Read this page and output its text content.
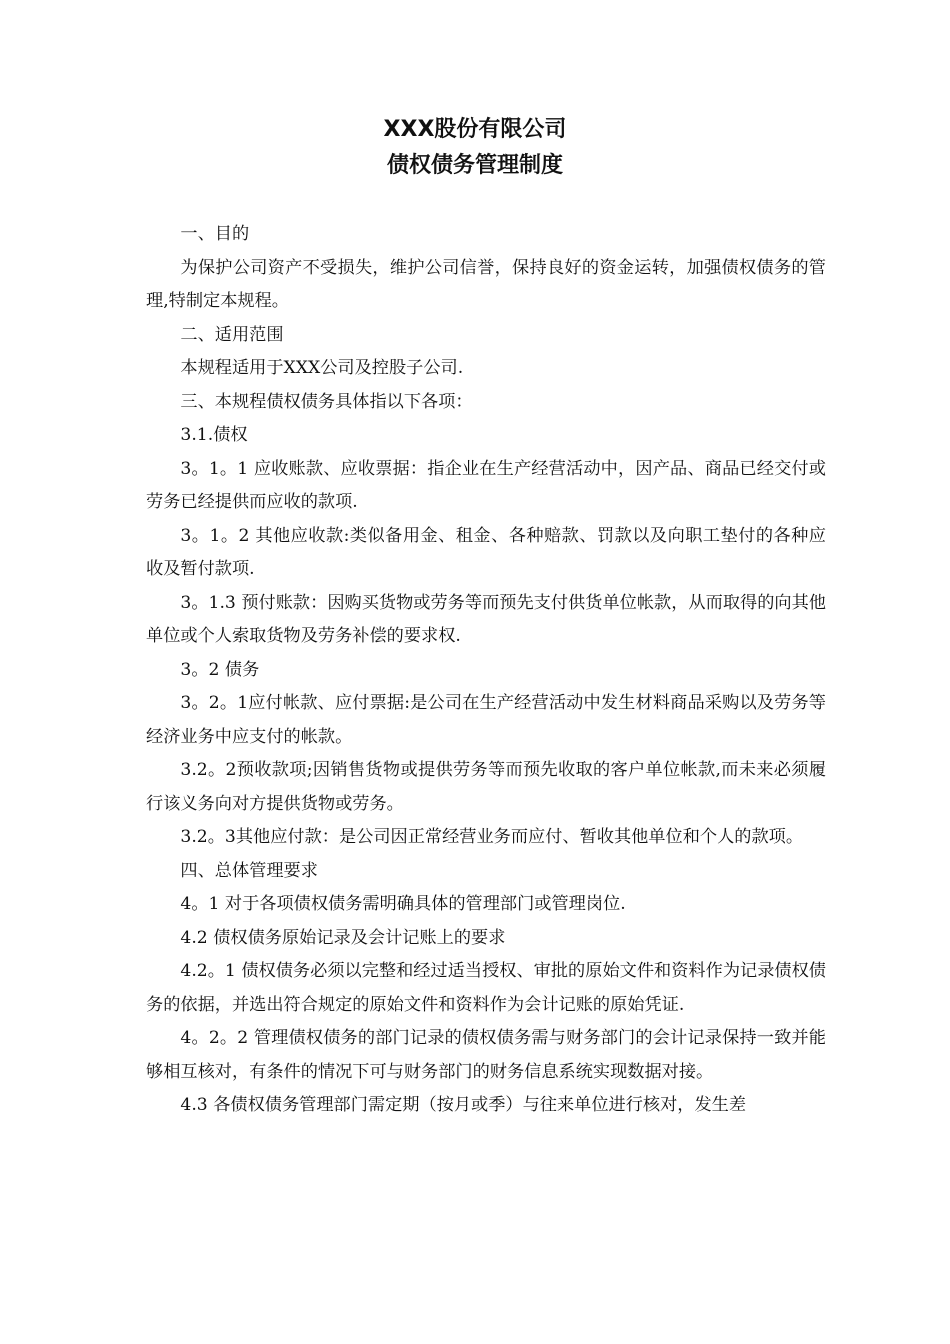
XXX股份有限公司
债权债务管理制度

一、目的

为保护公司资产不受损失，维护公司信誉，保持良好的资金运转，加强债权债务的管理,特制定本规程。

二、适用范围

本规程适用于XXX公司及控股子公司.

三、本规程债权债务具体指以下各项：

3.1.债权

3。1。1 应收账款、应收票据：指企业在生产经营活动中，因产品、商品已经交付或劳务已经提供而应收的款项.

3。1。2 其他应收款:类似备用金、租金、各种赔款、罚款以及向职工垫付的各种应收及暂付款项.

3。1.3 预付账款：因购买货物或劳务等而预先支付供货单位帐款，从而取得的向其他单位或个人索取货物及劳务补偿的要求权.

3。2 债务

3。2。1应付帐款、应付票据:是公司在生产经营活动中发生材料商品采购以及劳务等经济业务中应支付的帐款。

3.2。2预收款项;因销售货物或提供劳务等而预先收取的客户单位帐款,而未来必须履行该义务向对方提供货物或劳务。

3.2。3其他应付款：是公司因正常经营业务而应付、暂收其他单位和个人的款项。

四、总体管理要求

4。1 对于各项债权债务需明确具体的管理部门或管理岗位.

4.2 债权债务原始记录及会计记账上的要求

4.2。1 债权债务必须以完整和经过适当授权、审批的原始文件和资料作为记录债权债务的依据，并选出符合规定的原始文件和资料作为会计记账的原始凭证.

4。2。2 管理债权债务的部门记录的债权债务需与财务部门的会计记录保持一致并能够相互核对，有条件的情况下可与财务部门的财务信息系统实现数据对接。

4.3 各债权债务管理部门需定期（按月或季）与往来单位进行核对，发生差
